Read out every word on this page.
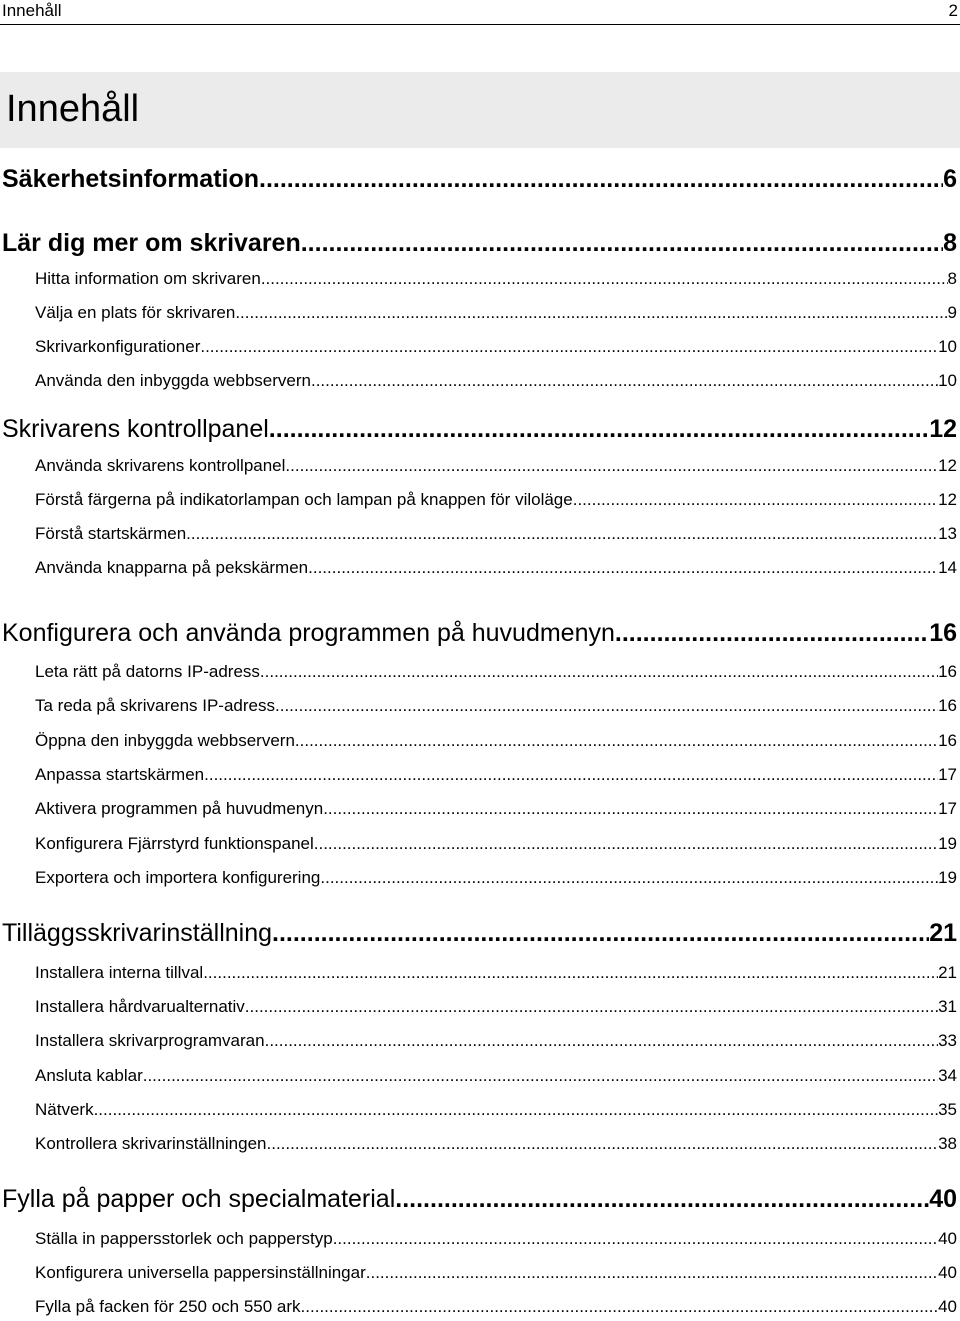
Innehåll	2
Innehåll
Säkerhetsinformation .....	6
Lär dig mer om skrivaren .....	8
Hitta information om skrivaren .....	8
Välja en plats för skrivaren .....	9
Skrivarkonfigurationer .....	10
Använda den inbyggda webbservern .....	10
Skrivarens kontrollpanel .....	12
Använda skrivarens kontrollpanel .....	12
Förstå färgerna på indikatorlampan och lampan på knappen för viloläge .....	12
Förstå startskärmen .....	13
Använda knapparna på pekskärmen .....	14
Konfigurera och använda programmen på huvudmenyn .....	16
Leta rätt på datorns IP-adress .....	16
Ta reda på skrivarens IP-adress .....	16
Öppna den inbyggda webbservern .....	16
Anpassa startskärmen .....	17
Aktivera programmen på huvudmenyn .....	17
Konfigurera Fjärrstyrd funktionspanel .....	19
Exportera och importera konfigurering .....	19
Tilläggsskrivarinställning .....	21
Installera interna tillval .....	21
Installera hårdvarualternativ .....	31
Installera skrivarprogramvaran .....	33
Ansluta kablar .....	34
Nätverk .....	35
Kontrollera skrivarinställningen .....	38
Fylla på papper och specialmaterial .....	40
Ställa in pappersstorlek och papperstyp .....	40
Konfigurera universella pappersinställningar .....	40
Fylla på facken för 250 och 550 ark .....	40
